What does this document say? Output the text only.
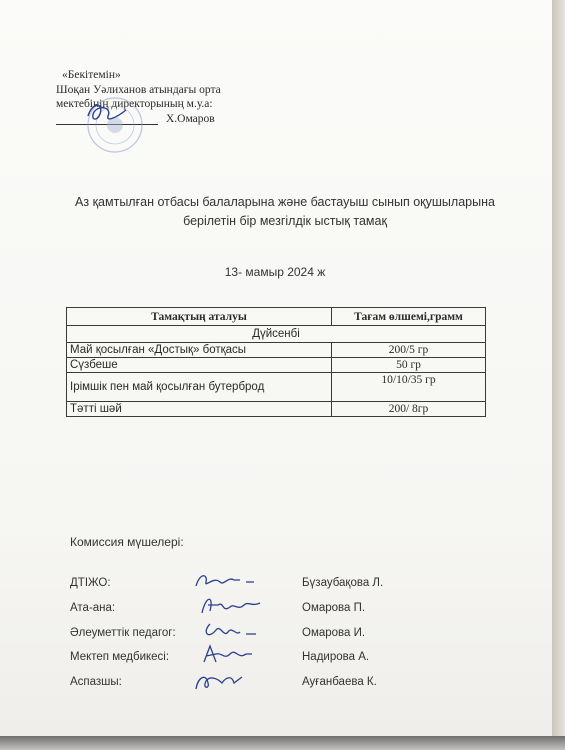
«Бекітемін»
Шоқан Уәлиханов атындағы орта
мектебінің директорының м.у.а:
Х.Омаров
Аз қамтылған отбасы балаларына және бастауыш сынып оқушыларына
берілетін бір мезгілдік ыстық тамақ
13- мамыр 2024 ж
Тамақтың аталуы	Тағам өлшемі,грамм
Дүйсенбі	
Май қосылған «Достық» ботқасы	200/5 гр
Сүзбеше	50 гр
Ірімшік пен май қосылған бутерброд	10/10/35 гр
Тәтті шәй	200/ 8гр
Комиссия мүшелері:
ДТІЖО:	Бүзаубақова Л.
Ата-ана:	Омарова П.
Әлеуметтік педагог:	Омарова И.
Мектеп медбикесі:	Надирова А.
Аспазшы:	Ауғанбаева К.
